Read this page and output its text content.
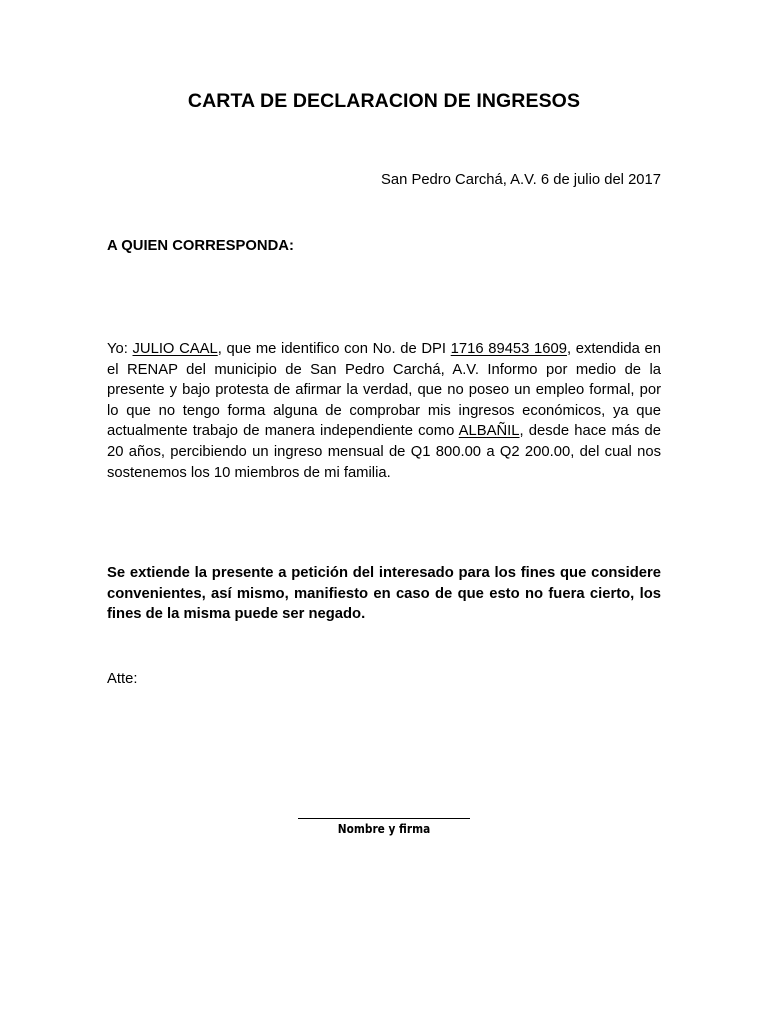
CARTA DE DECLARACION DE INGRESOS
San Pedro Carchá, A.V. 6 de julio del 2017
A QUIEN CORRESPONDA:
Yo: JULIO CAAL, que me identifico con No. de DPI 1716 89453 1609, extendida en el RENAP del municipio de San Pedro Carchá, A.V. Informo por medio de la presente y bajo protesta de afirmar la verdad, que no poseo un empleo formal, por lo que no tengo forma alguna de comprobar mis ingresos económicos, ya que actualmente trabajo de manera independiente como ALBAÑIL, desde hace más de 20 años, percibiendo un ingreso mensual de Q1 800.00 a Q2 200.00, del cual nos sostenemos los 10 miembros de mi familia.
Se extiende la presente a petición del interesado para los fines que considere convenientes, así mismo, manifiesto en caso de que esto no fuera cierto, los fines de la misma puede ser negado.
Atte:
Nombre y firma
